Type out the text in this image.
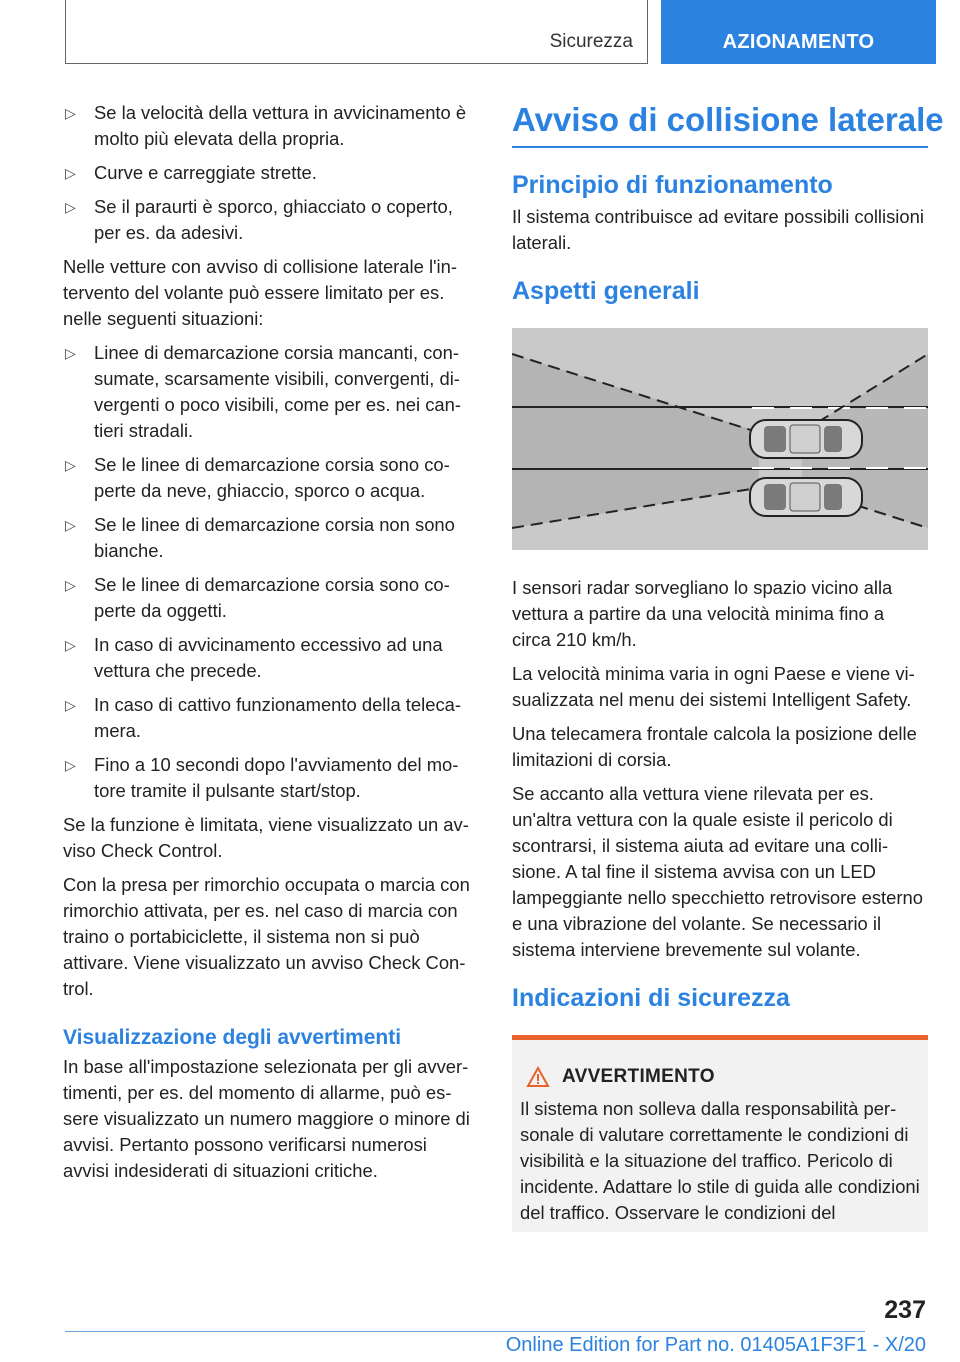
Sicurezza	AZIONAMENTO
▷ Se la velocità della vettura in avvicinamento è molto più elevata della propria.
▷ Curve e carreggiate strette.
▷ Se il paraurti è sporco, ghiacciato o coperto, per es. da adesivi.

Nelle vetture con avviso di collisione laterale l'intervento del volante può essere limitato per es. nelle seguenti situazioni:

▷ Linee di demarcazione corsia mancanti, consumate, scarsamente visibili, convergenti, divergenti o poco visibili, come per es. nei cantieri stradali.
▷ Se le linee di demarcazione corsia sono coperte da neve, ghiaccio, sporco o acqua.
▷ Se le linee di demarcazione corsia non sono bianche.
▷ Se le linee di demarcazione corsia sono coperte da oggetti.
▷ In caso di avvicinamento eccessivo ad una vettura che precede.
▷ In caso di cattivo funzionamento della telecamera.
▷ Fino a 10 secondi dopo l'avviamento del motore tramite il pulsante start/stop.

Se la funzione è limitata, viene visualizzato un avviso Check Control.

Con la presa per rimorchio occupata o marcia con rimorchio attivata, per es. nel caso di marcia con traino o portabiciclette, il sistema non si può attivare. Viene visualizzato un avviso Check Control.

Visualizzazione degli avvertimenti

In base all'impostazione selezionata per gli avvertimenti, per es. del momento di allarme, può essere visualizzato un numero maggiore o minore di avvisi. Pertanto possono verificarsi numerosi avvisi indesiderati di situazioni critiche.

Avviso di collisione laterale
Principio di funzionamento

Il sistema contribuisce ad evitare possibili collisioni laterali.

Aspetti generali

I sensori radar sorvegliano lo spazio vicino alla vettura a partire da una velocità minima fino a circa 210 km/h.

La velocità minima varia in ogni Paese e viene visualizzata nel menu dei sistemi Intelligent Safety.

Una telecamera frontale calcola la posizione delle limitazioni di corsia.

Se accanto alla vettura viene rilevata per es. un'altra vettura con la quale esiste il pericolo di scontrarsi, il sistema aiuta ad evitare una collisione. A tal fine il sistema avvisa con un LED lampeggiante nello specchietto retrovisore esterno e una vibrazione del volante. Se necessario il sistema interviene brevemente sul volante.

Indicazioni di sicurezza
AVVERTIMENTO
Il sistema non solleva dalla responsabilità personale di valutare correttamente le condizioni di visibilità e la situazione del traffico. Pericolo di incidente. Adattare lo stile di guida alle condizioni del traffico. Osservare le condizioni del
237
Online Edition for Part no. 01405A1F3F1 - X/20
